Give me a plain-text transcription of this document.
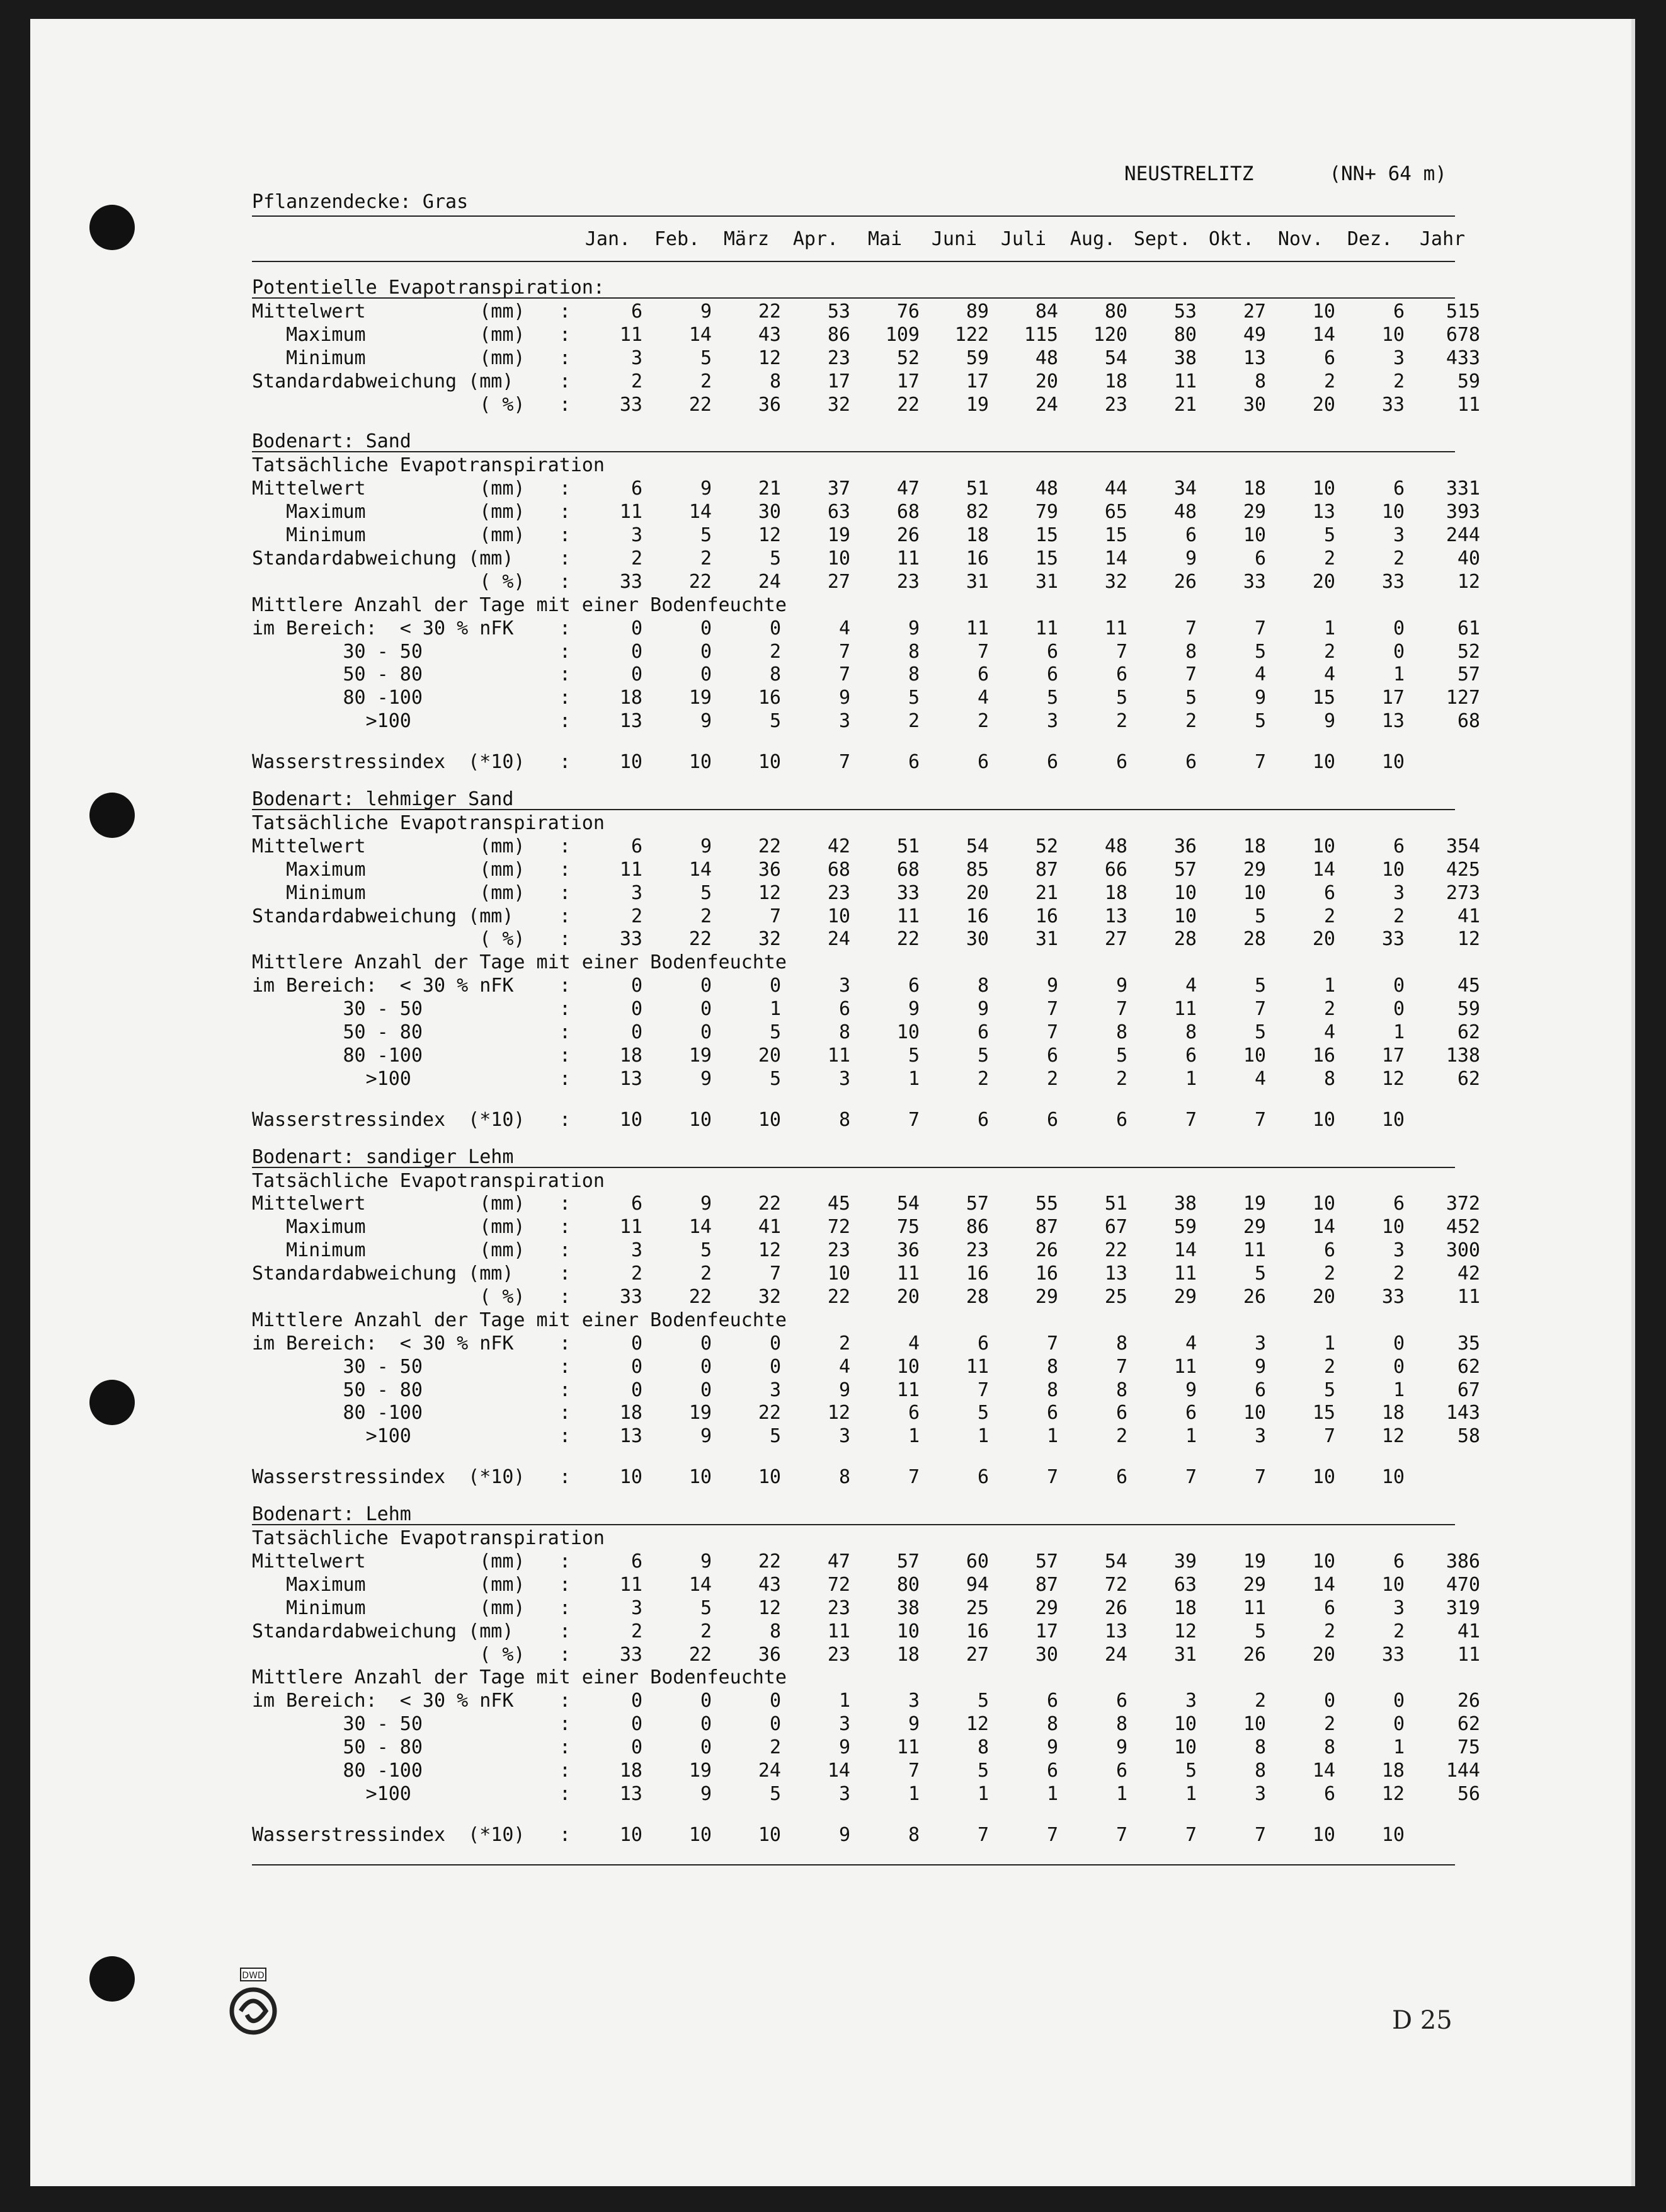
NEUSTRELITZ	(NN+ 64 m)
Pflanzendecke: Gras
Jan.	Feb.	März	Apr.	Mai	Juni	Juli	Aug. Sept. Okt.	Nov.	Dez.	Jahr
Potentielle Evapotranspiration:
Mittelwert          (mm)	:	6	9	22	53	76	89	84	80	53	27	10	6	515
Maximum          (mm)	:	11	14	43	86	109	122	115	120	80	49	14	10	678
Minimum          (mm)	:	3	5	12	23	52	59	48	54	38	13	6	3	433
Standardabweichung (mm)	:	2	2	8	17	17	17	20	18	11	8	2	2	59
( %)	:	33	22	36	32	22	19	24	23	21	30	20	33	11
Bodenart: Sand
Tatsächliche Evapotranspiration
Mittelwert          (mm)	:	6	9	21	37	47	51	48	44	34	18	10	6	331
Maximum          (mm)	:	11	14	30	63	68	82	79	65	48	29	13	10	393
Minimum          (mm)	:	3	5	12	19	26	18	15	15	6	10	5	3	244
Standardabweichung (mm)	:	2	2	5	10	11	16	15	14	9	6	2	2	40
( %)	:	33	22	24	27	23	31	31	32	26	33	20	33	12
Mittlere Anzahl der Tage mit einer Bodenfeuchte
im Bereich:  < 30 % nFK	:	0	0	0	4	9	11	11	11	7	7	1	0	61
30 - 50	:	0	0	2	7	8	7	6	7	8	5	2	0	52
50 - 80	:	0	0	8	7	8	6	6	6	7	4	4	1	57
80 -100	:	18	19	16	9	5	4	5	5	5	9	15	17	127
>100	:	13	9	5	3	2	2	3	2	2	5	9	13	68
Wasserstressindex  (*10)	:	10	10	10	7	6	6	6	6	6	7	10	10
Bodenart: lehmiger Sand
Tatsächliche Evapotranspiration
Mittelwert          (mm)	:	6	9	22	42	51	54	52	48	36	18	10	6	354
Maximum          (mm)	:	11	14	36	68	68	85	87	66	57	29	14	10	425
Minimum          (mm)	:	3	5	12	23	33	20	21	18	10	10	6	3	273
Standardabweichung (mm)	:	2	2	7	10	11	16	16	13	10	5	2	2	41
( %)	:	33	22	32	24	22	30	31	27	28	28	20	33	12
Mittlere Anzahl der Tage mit einer Bodenfeuchte
im Bereich:  < 30 % nFK	:	0	0	0	3	6	8	9	9	4	5	1	0	45
30 - 50	:	0	0	1	6	9	9	7	7	11	7	2	0	59
50 - 80	:	0	0	5	8	10	6	7	8	8	5	4	1	62
80 -100	:	18	19	20	11	5	5	6	5	6	10	16	17	138
>100	:	13	9	5	3	1	2	2	2	1	4	8	12	62
Wasserstressindex  (*10)	:	10	10	10	8	7	6	6	6	7	7	10	10
Bodenart: sandiger Lehm
Tatsächliche Evapotranspiration
Mittelwert          (mm)	:	6	9	22	45	54	57	55	51	38	19	10	6	372
Maximum          (mm)	:	11	14	41	72	75	86	87	67	59	29	14	10	452
Minimum          (mm)	:	3	5	12	23	36	23	26	22	14	11	6	3	300
Standardabweichung (mm)	:	2	2	7	10	11	16	16	13	11	5	2	2	42
( %)	:	33	22	32	22	20	28	29	25	29	26	20	33	11
Mittlere Anzahl der Tage mit einer Bodenfeuchte
im Bereich:  < 30 % nFK	:	0	0	0	2	4	6	7	8	4	3	1	0	35
30 - 50	:	0	0	0	4	10	11	8	7	11	9	2	0	62
50 - 80	:	0	0	3	9	11	7	8	8	9	6	5	1	67
80 -100	:	18	19	22	12	6	5	6	6	6	10	15	18	143
>100	:	13	9	5	3	1	1	1	2	1	3	7	12	58
Wasserstressindex  (*10)	:	10	10	10	8	7	6	7	6	7	7	10	10
Bodenart: Lehm
Tatsächliche Evapotranspiration
Mittelwert          (mm)	:	6	9	22	47	57	60	57	54	39	19	10	6	386
Maximum          (mm)	:	11	14	43	72	80	94	87	72	63	29	14	10	470
Minimum          (mm)	:	3	5	12	23	38	25	29	26	18	11	6	3	319
Standardabweichung (mm)	:	2	2	8	11	10	16	17	13	12	5	2	2	41
( %)	:	33	22	36	23	18	27	30	24	31	26	20	33	11
Mittlere Anzahl der Tage mit einer Bodenfeuchte
im Bereich:  < 30 % nFK	:	0	0	0	1	3	5	6	6	3	2	0	0	26
30 - 50	:	0	0	0	3	9	12	8	8	10	10	2	0	62
50 - 80	:	0	0	2	9	11	8	9	9	10	8	8	1	75
80 -100	:	18	19	24	14	7	5	6	6	5	8	14	18	144
>100	:	13	9	5	3	1	1	1	1	1	3	6	12	56
Wasserstressindex  (*10)	:	10	10	10	9	8	7	7	7	7	7	10	10
DWD
D 25
